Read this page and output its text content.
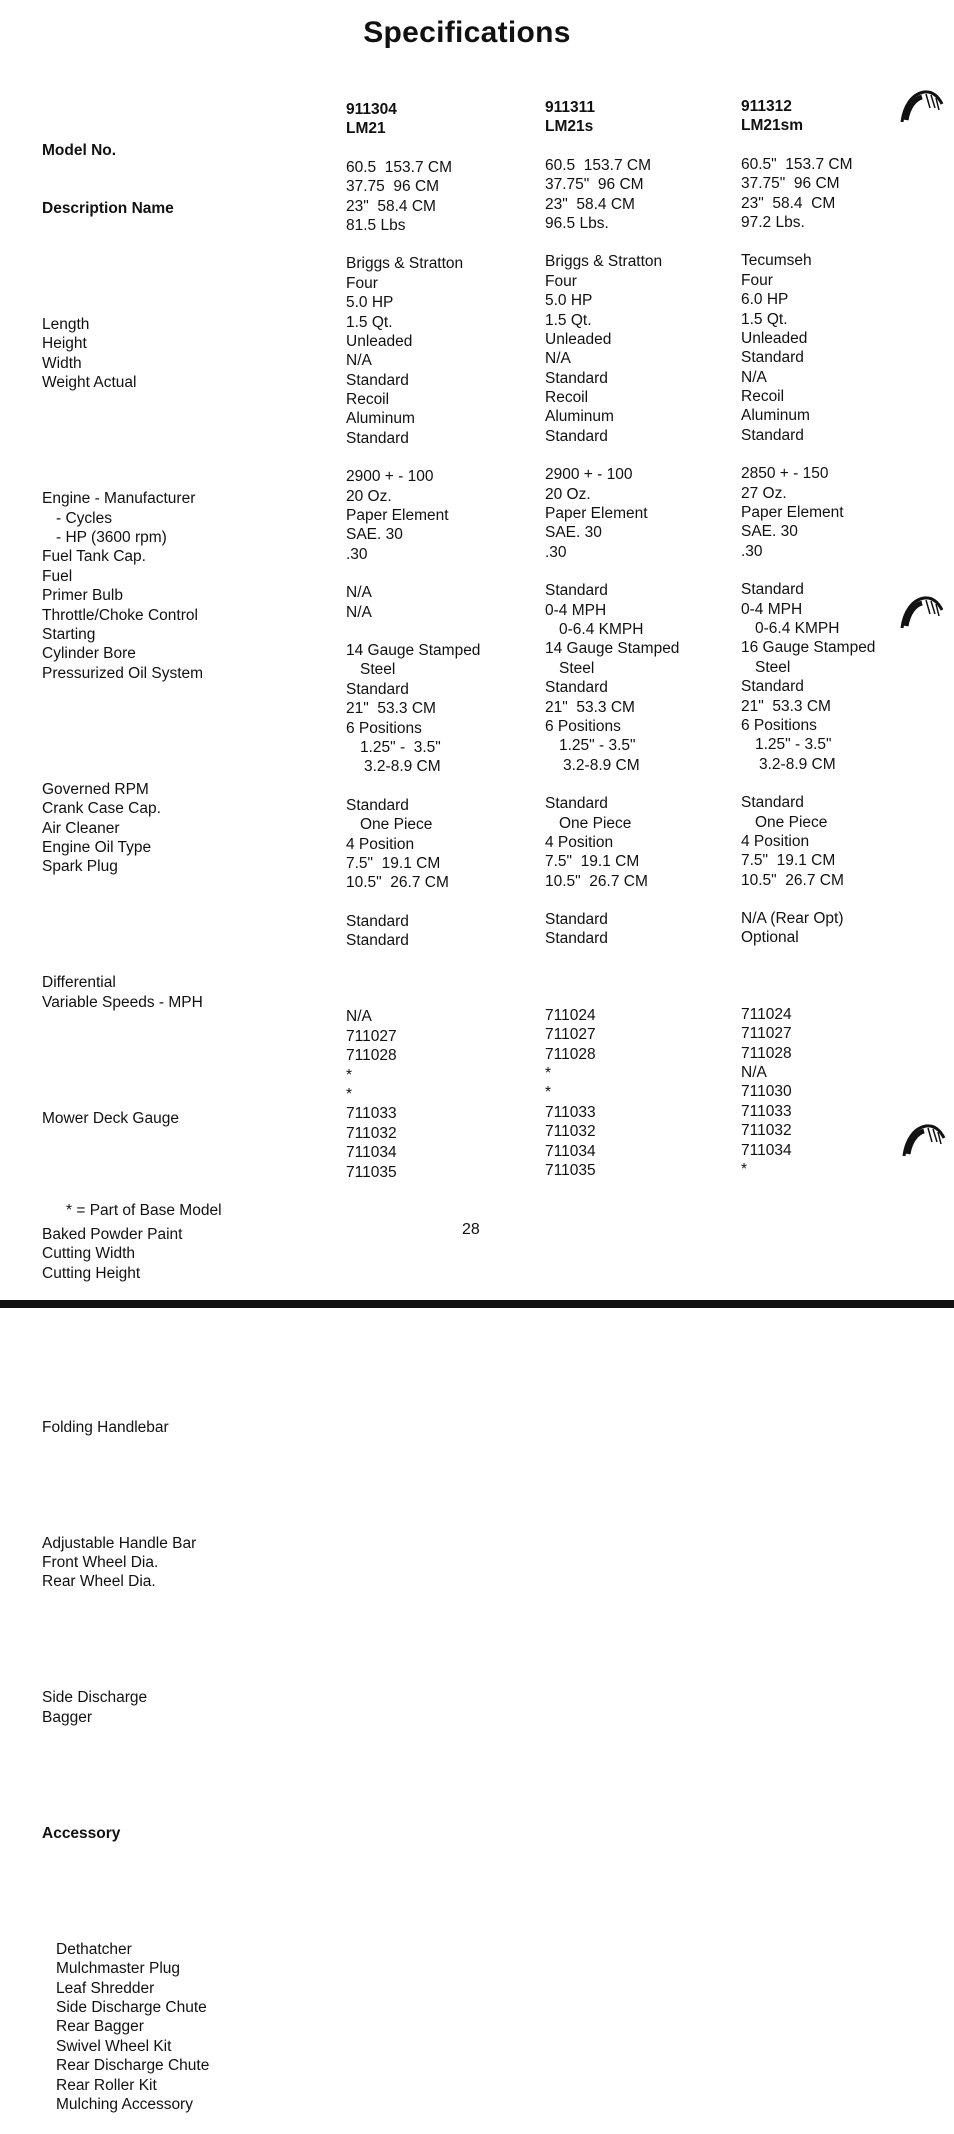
Specifications

Model No.

Description Name

Length
Height
Width
Weight Actual

Engine - Manufacturer
- Cycles
- HP (3600 rpm)
Fuel Tank Cap.
Fuel
Primer Bulb
Throttle/Choke Control
Starting
Cylinder Bore
Pressurized Oil System

Governed RPM
Crank Case Cap.
Air Cleaner
Engine Oil Type
Spark Plug

Differential
Variable Speeds - MPH

Mower Deck Gauge

Baked Powder Paint
Cutting Width
Cutting Height

Folding Handlebar

Adjustable Handle Bar
Front Wheel Dia.
Rear Wheel Dia.

Side Discharge
Bagger

Accessory

Dethatcher
Mulchmaster Plug
Leaf Shredder
Side Discharge Chute
Rear Bagger
Swivel Wheel Kit
Rear Discharge Chute
Rear Roller Kit
Mulching Accessory

911304
LM21
60.5  153.7 CM
37.75  96 CM
23"  58.4 CM
81.5 Lbs
Briggs & Stratton
Four
5.0 HP
1.5 Qt.
Unleaded
N/A
Standard
Recoil
Aluminum
Standard
2900 + - 100
20 Oz.
Paper Element
SAE. 30
.30
N/A
N/A
14 Gauge Stamped
Steel
Standard
21"  53.3 CM
6 Positions
1.25" -  3.5"
3.2-8.9 CM
Standard
One Piece
4 Position
7.5"  19.1 CM
10.5"  26.7 CM
Standard
Standard
N/A
711027
711028
*
*
711033
711032
711034
711035
911311
LM21s
60.5  153.7 CM
37.75"  96 CM
23"  58.4 CM
96.5 Lbs.
Briggs & Stratton
Four
5.0 HP
1.5 Qt.
Unleaded
N/A
Standard
Recoil
Aluminum
Standard
2900 + - 100
20 Oz.
Paper Element
SAE. 30
.30
Standard
0-4 MPH
0-6.4 KMPH
14 Gauge Stamped
Steel
Standard
21"  53.3 CM
6 Positions
1.25" - 3.5"
3.2-8.9 CM
Standard
One Piece
4 Position
7.5"  19.1 CM
10.5"  26.7 CM
Standard
Standard
711024
711027
711028
*
*
711033
711032
711034
711035
911312
LM21sm
60.5"  153.7 CM
37.75"  96 CM
23"  58.4  CM
97.2 Lbs.
Tecumseh
Four
6.0 HP
1.5 Qt.
Unleaded
Standard
N/A
Recoil
Aluminum
Standard
2850 + - 150
27 Oz.
Paper Element
SAE. 30
.30
Standard
0-4 MPH
0-6.4 KMPH
16 Gauge Stamped
Steel
Standard
21"  53.3 CM
6 Positions
1.25" - 3.5"
3.2-8.9 CM
Standard
One Piece
4 Position
7.5"  19.1 CM
10.5"  26.7 CM
N/A (Rear Opt)
Optional
711024
711027
711028
N/A
711030
711033
711032
711034
*
* = Part of Base Model
28
